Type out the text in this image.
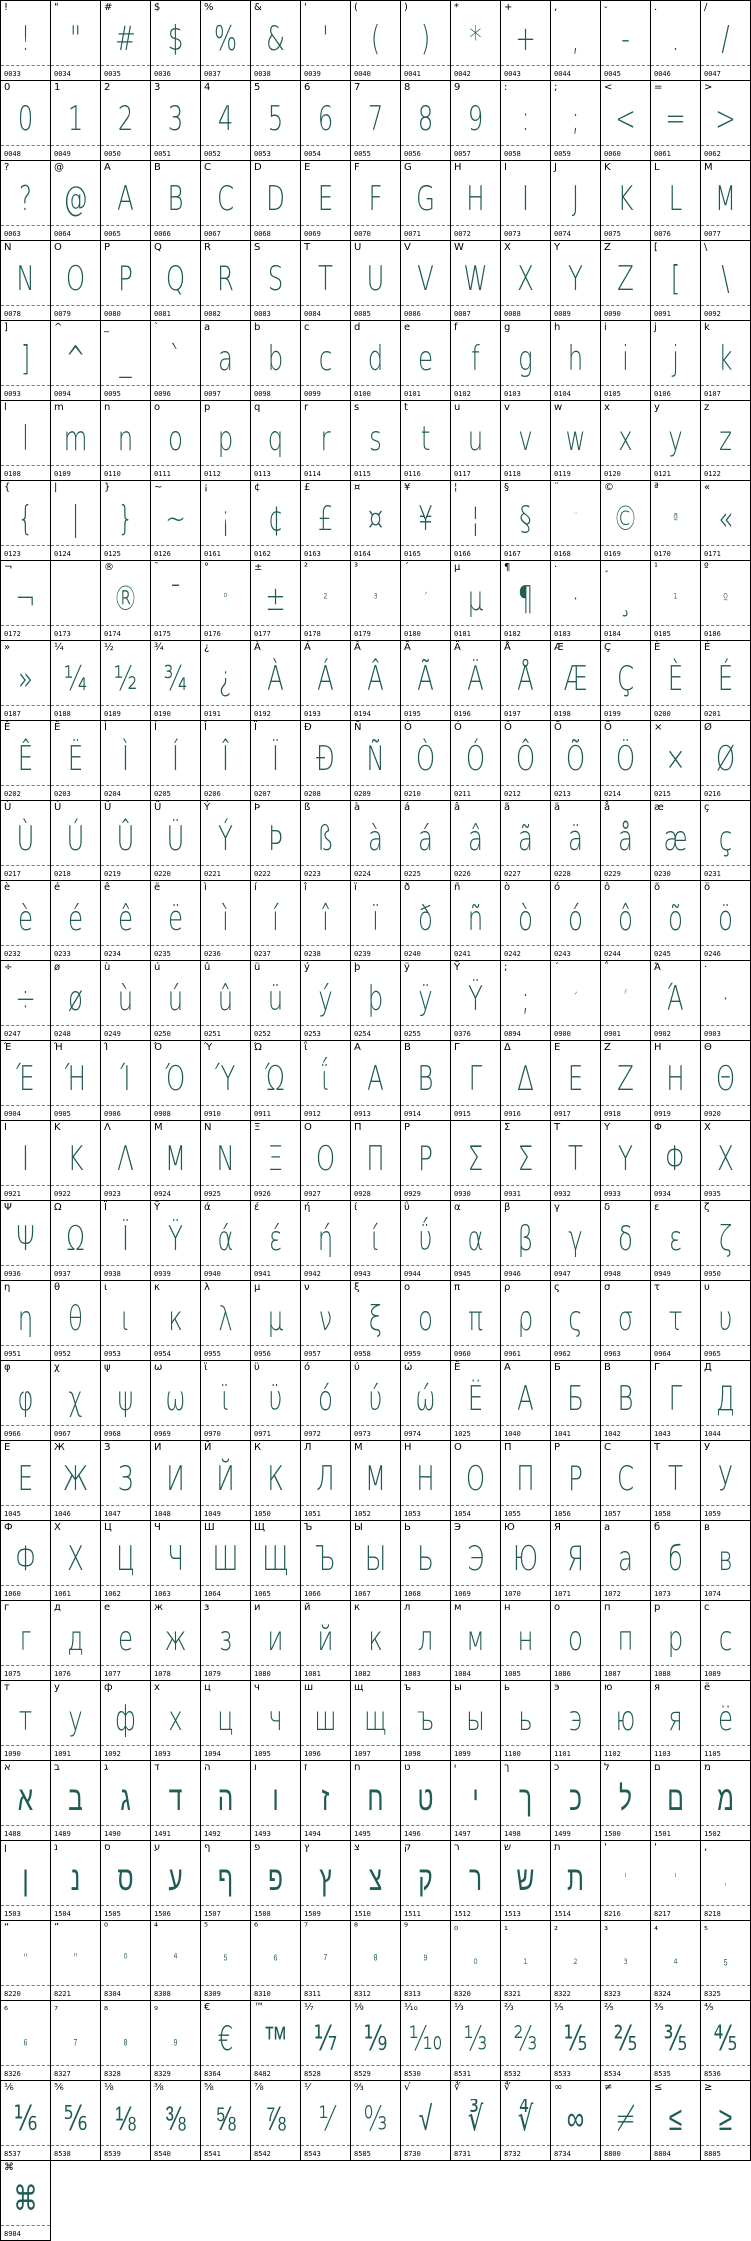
!
!
0033
"
"
0034
#
#
0035
$
$
0036
%
%
0037
&
&
0038
'
'
0039
(
(
0040
)
)
0041
*
*
0042
+
+
0043
,
,
0044
-
-
0045
.
.
0046
/
/
0047
0
0
0048
1
1
0049
2
2
0050
3
3
0051
4
4
0052
5
5
0053
6
6
0054
7
7
0055
8
8
0056
9
9
0057
:
:
0058
;
;
0059
<
<
0060
=
=
0061
>
>
0062
?
?
0063
@
@
0064
A
A
0065
B
B
0066
C
C
0067
D
D
0068
E
E
0069
F
F
0070
G
G
0071
H
H
0072
I
I
0073
J
J
0074
K
K
0075
L
L
0076
M
M
0077
N
N
0078
O
O
0079
P
P
0080
Q
Q
0081
R
R
0082
S
S
0083
T
T
0084
U
U
0085
V
V
0086
W
W
0087
X
X
0088
Y
Y
0089
Z
Z
0090
[
[
0091
\
\
0092
]
]
0093
^
^
0094
_
_
0095
`
`
0096
a
a
0097
b
b
0098
c
c
0099
d
d
0100
e
e
0101
f
f
0102
g
g
0103
h
h
0104
i
i
0105
j
j
0106
k
k
0107
l
l
0108
m
m
0109
n
n
0110
o
o
0111
p
p
0112
q
q
0113
r
r
0114
s
s
0115
t
t
0116
u
u
0117
v
v
0118
w
w
0119
x
x
0120
y
y
0121
z
z
0122
{
{
0123
|
|
0124
}
}
0125
~
~
0126
¡
¡
0161
¢
¢
0162
£
£
0163
¤
¤
0164
¥
¥
0165
¦
¦
0166
§
§
0167
¨
¨
0168
©
©
0169
ª
ª
0170
«
«
0171
¬
¬
0172	0173
®
®
0174
¯
¯
0175
°
°
0176
±
±
0177
²
²
0178
³
³
0179
´
´
0180
µ
µ
0181
¶
¶
0182
·
·
0183
¸
¸
0184
¹
¹
0185
º
º
0186
»
»
0187
¼
¼
0188
½
½
0189
¾
¾
0190
¿
¿
0191
À
À
0192
Á
Á
0193
Â
Â
0194
Ã
Ã
0195
Ä
Ä
0196
Å
Å
0197
Æ
Æ
0198
Ç
Ç
0199
È
È
0200
É
É
0201
Ê
Ê
0202
Ë
Ë
0203
Ì
Ì
0204
Í
Í
0205
Î
Î
0206
Ï
Ï
0207
Ð
Ð
0208
Ñ
Ñ
0209
Ò
Ò
0210
Ó
Ó
0211
Ô
Ô
0212
Õ
Õ
0213
Ö
Ö
0214
×
×
0215
Ø
Ø
0216
Ù
Ù
0217
Ú
Ú
0218
Û
Û
0219
Ü
Ü
0220
Ý
Ý
0221
Þ
Þ
0222
ß
ß
0223
à
à
0224
á
á
0225
â
â
0226
ã
ã
0227
ä
ä
0228
å
å
0229
æ
æ
0230
ç
ç
0231
è
è
0232
é
é
0233
ê
ê
0234
ë
ë
0235
ì
ì
0236
í
í
0237
î
î
0238
ï
ï
0239
ð
ð
0240
ñ
ñ
0241
ò
ò
0242
ó
ó
0243
ô
ô
0244
õ
õ
0245
ö
ö
0246
÷
÷
0247
ø
ø
0248
ù
ù
0249
ú
ú
0250
û
û
0251
ü
ü
0252
ý
ý
0253
þ
þ
0254
ÿ
ÿ
0255
Ÿ
Ÿ
0376
;
;
0894
´
´
0900
΅
΅
0901
Ά
Ά
0902
·
·
0903
Έ
Έ
0904
Ή
Ή
0905
Ί
Ί
0906
Ό
Ό
0908
Ύ
Ύ
0910
Ώ
Ώ
0911
ΐ
ΐ
0912
Α
Α
0913
Β
Β
0914
Γ
Γ
0915
Δ
Δ
0916
Ε
Ε
0917
Ζ
Ζ
0918
Η
Η
0919
Θ
Θ
0920
Ι
Ι
0921
Κ
Κ
0922
Λ
Λ
0923
Μ
Μ
0924
Ν
Ν
0925
Ξ
Ξ
0926
Ο
Ο
0927
Π
Π
0928
Ρ
Ρ
0929
Σ
0930
Σ
Σ
0931
Τ
Τ
0932
Υ
Υ
0933
Φ
Φ
0934
Χ
Χ
0935
Ψ
Ψ
0936
Ω
Ω
0937
Ϊ
Ϊ
0938
Ϋ
Ϋ
0939
ά
ά
0940
έ
έ
0941
ή
ή
0942
ί
ί
0943
ΰ
ΰ
0944
α
α
0945
β
β
0946
γ
γ
0947
δ
δ
0948
ε
ε
0949
ζ
ζ
0950
η
η
0951
θ
θ
0952
ι
ι
0953
κ
κ
0954
λ
λ
0955
μ
μ
0956
ν
ν
0957
ξ
ξ
0958
ο
ο
0959
π
π
0960
ρ
ρ
0961
ς
ς
0962
σ
σ
0963
τ
τ
0964
υ
υ
0965
φ
φ
0966
χ
χ
0967
ψ
ψ
0968
ω
ω
0969
ϊ
ϊ
0970
ϋ
ϋ
0971
ό
ό
0972
ύ
ύ
0973
ώ
ώ
0974
Ё
Ё
1025
А
А
1040
Б
Б
1041
В
В
1042
Г
Г
1043
Д
Д
1044
Е
Е
1045
Ж
Ж
1046
З
З
1047
И
И
1048
Й
Й
1049
К
К
1050
Л
Л
1051
М
М
1052
Н
Н
1053
О
О
1054
П
П
1055
Р
Р
1056
С
С
1057
Т
Т
1058
У
У
1059
Ф
Ф
1060
Х
Х
1061
Ц
Ц
1062
Ч
Ч
1063
Ш
Ш
1064
Щ
Щ
1065
Ъ
Ъ
1066
Ы
Ы
1067
Ь
Ь
1068
Э
Э
1069
Ю
Ю
1070
Я
Я
1071
а
а
1072
б
б
1073
в
в
1074
г
г
1075
д
д
1076
е
е
1077
ж
ж
1078
з
з
1079
и
и
1080
й
й
1081
к
к
1082
л
л
1083
м
м
1084
н
н
1085
о
о
1086
п
п
1087
р
р
1088
с
с
1089
т
т
1090
у
у
1091
ф
ф
1092
х
х
1093
ц
ц
1094
ч
ч
1095
ш
ш
1096
щ
щ
1097
ъ
ъ
1098
ы
ы
1099
ь
ь
1100
э
э
1101
ю
ю
1102
я
я
1103
ё
ё
1105
א
א
1488
ב
ב
1489
ג
ג
1490
ד
ד
1491
ה
ה
1492
ו
ו
1493
ז
ז
1494
ח
ח
1495
ט
ט
1496
י
י
1497
ך
ך
1498
כ
כ
1499
ל
ל
1500
ם
ם
1501
מ
מ
1502
ן
ן
1503
נ
נ
1504
ס
ס
1505
ע
ע
1506
ף
ף
1507
פ
פ
1508
ץ
ץ
1509
צ
צ
1510
ק
ק
1511
ר
ר
1512
ש
ש
1513
ת
ת
1514
'
'
8216
'
'
8217
,
,
8218
“
“
8220
”
”
8221
⁰
⁰
8304
⁴
⁴
8308
⁵
⁵
8309
⁶
⁶
8310
⁷
⁷
8311
⁸
⁸
8312
⁹
⁹
8313
₀
₀
8320
₁
₁
8321
₂
₂
8322
₃
₃
8323
₄
₄
8324
₅
₅
8325
₆
₆
8326
₇
₇
8327
₈
₈
8328
₉
₉
8329
€
€
8364
™
™
8482
⅐
⅐
8528
⅑
⅑
8529
⅒
⅒
8530
⅓
⅓
8531
⅔
⅔
8532
⅕
⅕
8533
⅖
⅖
8534
⅗
⅗
8535
⅘
⅘
8536
⅙
⅙
8537
⅚
⅚
8538
⅛
⅛
8539
⅜
⅜
8540
⅝
⅝
8541
⅞
⅞
8542
⅟
⅟
8543
↉
↉
8585
√
√
8730
∛
∛
8731
∜
∜
8732
∞
∞
8734
≠
≠
8800
≤
≤
8804
≥
≥
8805
⌘
⌘
8984
